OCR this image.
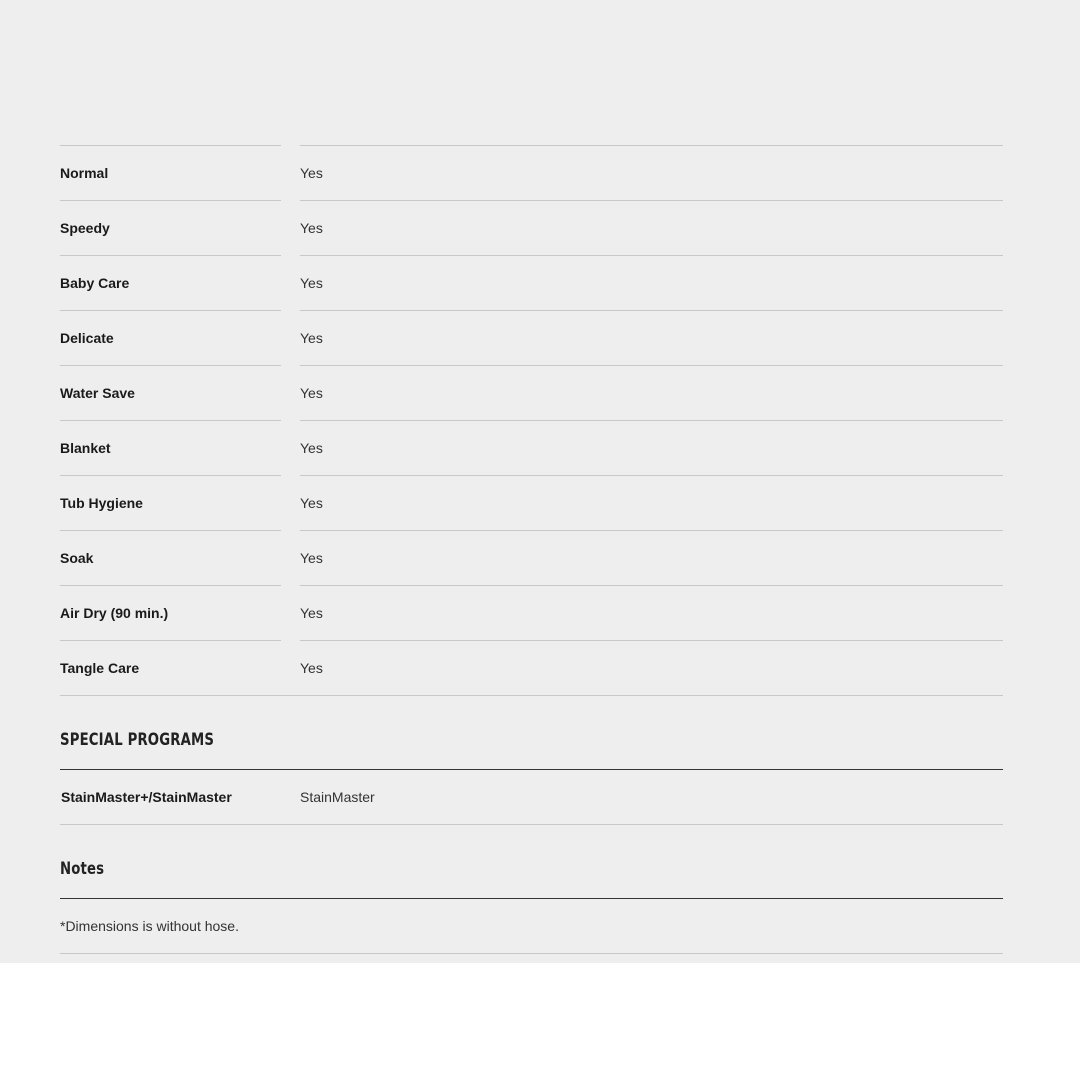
Normal	Yes
Speedy	Yes
Baby Care	Yes
Delicate	Yes
Water Save	Yes
Blanket	Yes
Tub Hygiene	Yes
Soak	Yes
Air Dry (90 min.)	Yes
Tangle Care	Yes
SPECIAL PROGRAMS
StainMaster+/StainMaster	StainMaster
Notes
*Dimensions is without hose.
